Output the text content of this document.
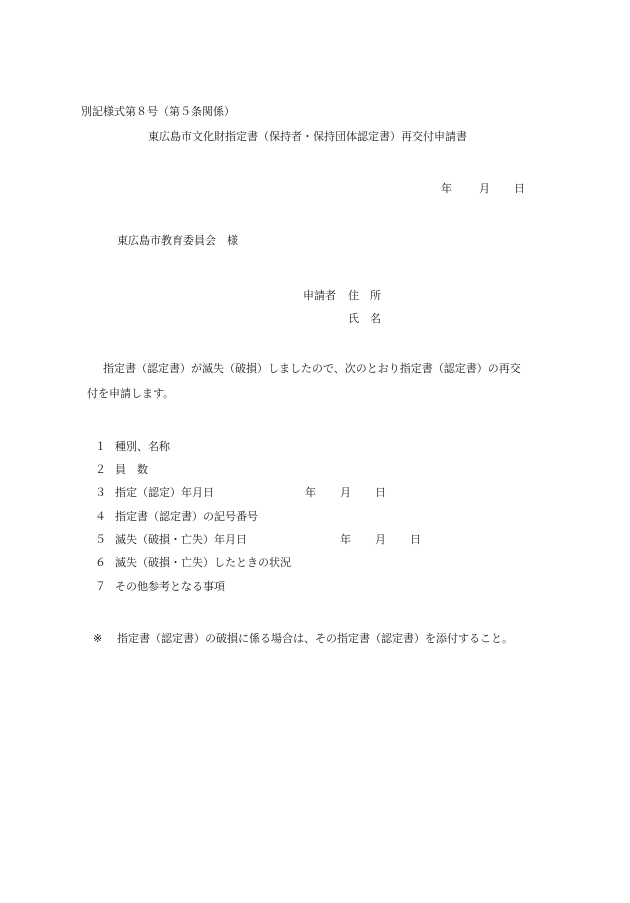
別記様式第８号（第５条関係）
東広島市文化財指定書（保持者・保持団体認定書）再交付申請書
年 月 日
東広島市教育委員会　様
申請者 住　所
氏　名
指定書（認定書）が滅失（破損）しましたので、次のとおり指定書（認定書）の再交
付を申請します。
１ 種別、名称
２ 員　数
３ 指定（認定）年月日	年 月 日
４ 指定書（認定書）の記号番号
５ 滅失（破損・亡失）年月日	年 月 日
６ 滅失（破損・亡失）したときの状況
７ その他参考となる事項
※ 指定書（認定書）の破損に係る場合は、その指定書（認定書）を添付すること。
